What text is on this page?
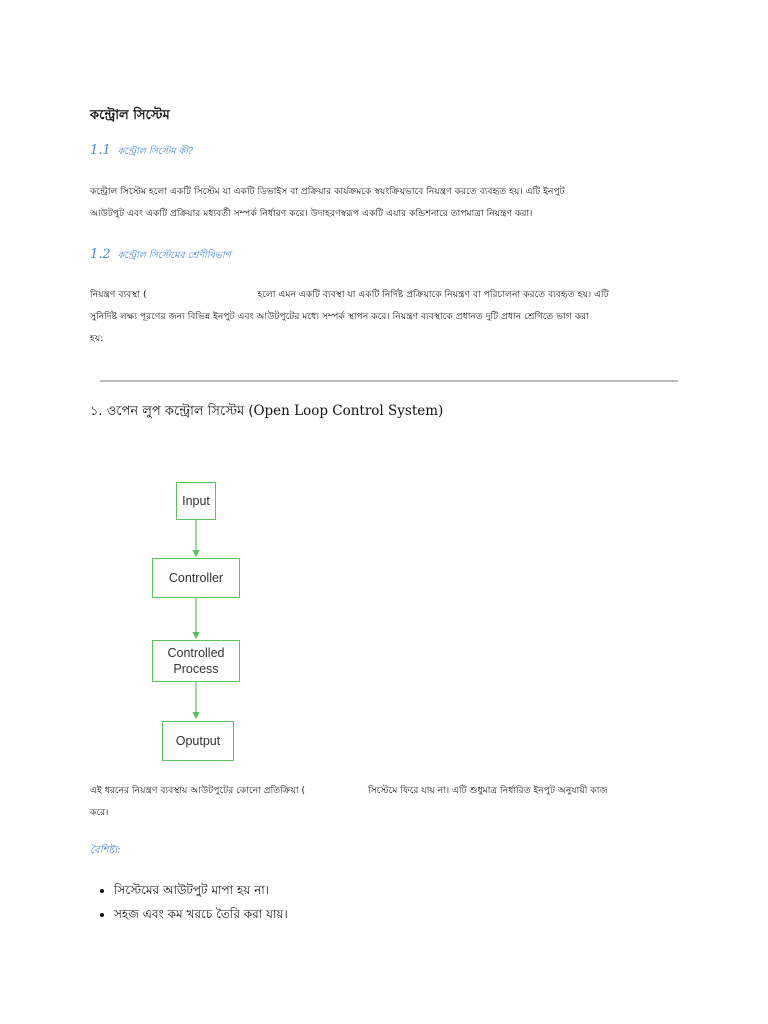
কন্ট্রোল সিস্টেম
1.1 কন্ট্রোল সিস্টেম কী?
কন্ট্রোল সিস্টেম হলো একটি সিস্টেম যা একটি ডিভাইস বা প্রক্রিয়ার কার্যক্রমকে স্বয়ংক্রিয়ভাবে নিয়ন্ত্রণ করতে ব্যবহৃত হয়। এটি ইনপুট
আউটপুট এবং একটি প্রক্রিয়ার মধ্যবর্তী সম্পর্ক নির্ধারণ করে। উদাহরণস্বরূপ একটি এয়ার কন্ডিশনারে তাপমাত্রা নিয়ন্ত্রণ করা।
1.2 কন্ট্রোল সিস্টেমের শ্রেণীবিভাগ
নিয়ন্ত্রণ ব্যবস্থা (	হলো এমন একটি ব্যবস্থা যা একটি নির্দিষ্ট প্রক্রিয়াকে নিয়ন্ত্রণ বা পরিচালনা করতে ব্যবহৃত হয়। এটি
সুনির্দিষ্ট লক্ষ্য পূরণের জন্য বিভিন্ন ইনপুট এবং আউটপুটের মধ্যে সম্পর্ক স্থাপন করে। নিয়ন্ত্রণ ব্যবস্থাকে প্রধানত দুটি প্রধান শ্রেণিতে ভাগ করা
হয়:
১. ওপেন লুপ কন্ট্রোল সিস্টেম (Open Loop Control System)
Input
Controller
Controlled
Process
Oputput
এই ধরনের নিয়ন্ত্রণ ব্যবস্থায় আউটপুটের কোনো প্রতিক্রিয়া (	সিস্টেমে ফিরে যায় না। এটি শুধুমাত্র নির্ধারিত ইনপুট অনুযায়ী কাজ
করে।
বৈশিষ্ট্য:
• সিস্টেমের আউটপুট মাপা হয় না।
• সহজ এবং কম খরচে তৈরি করা যায়।
